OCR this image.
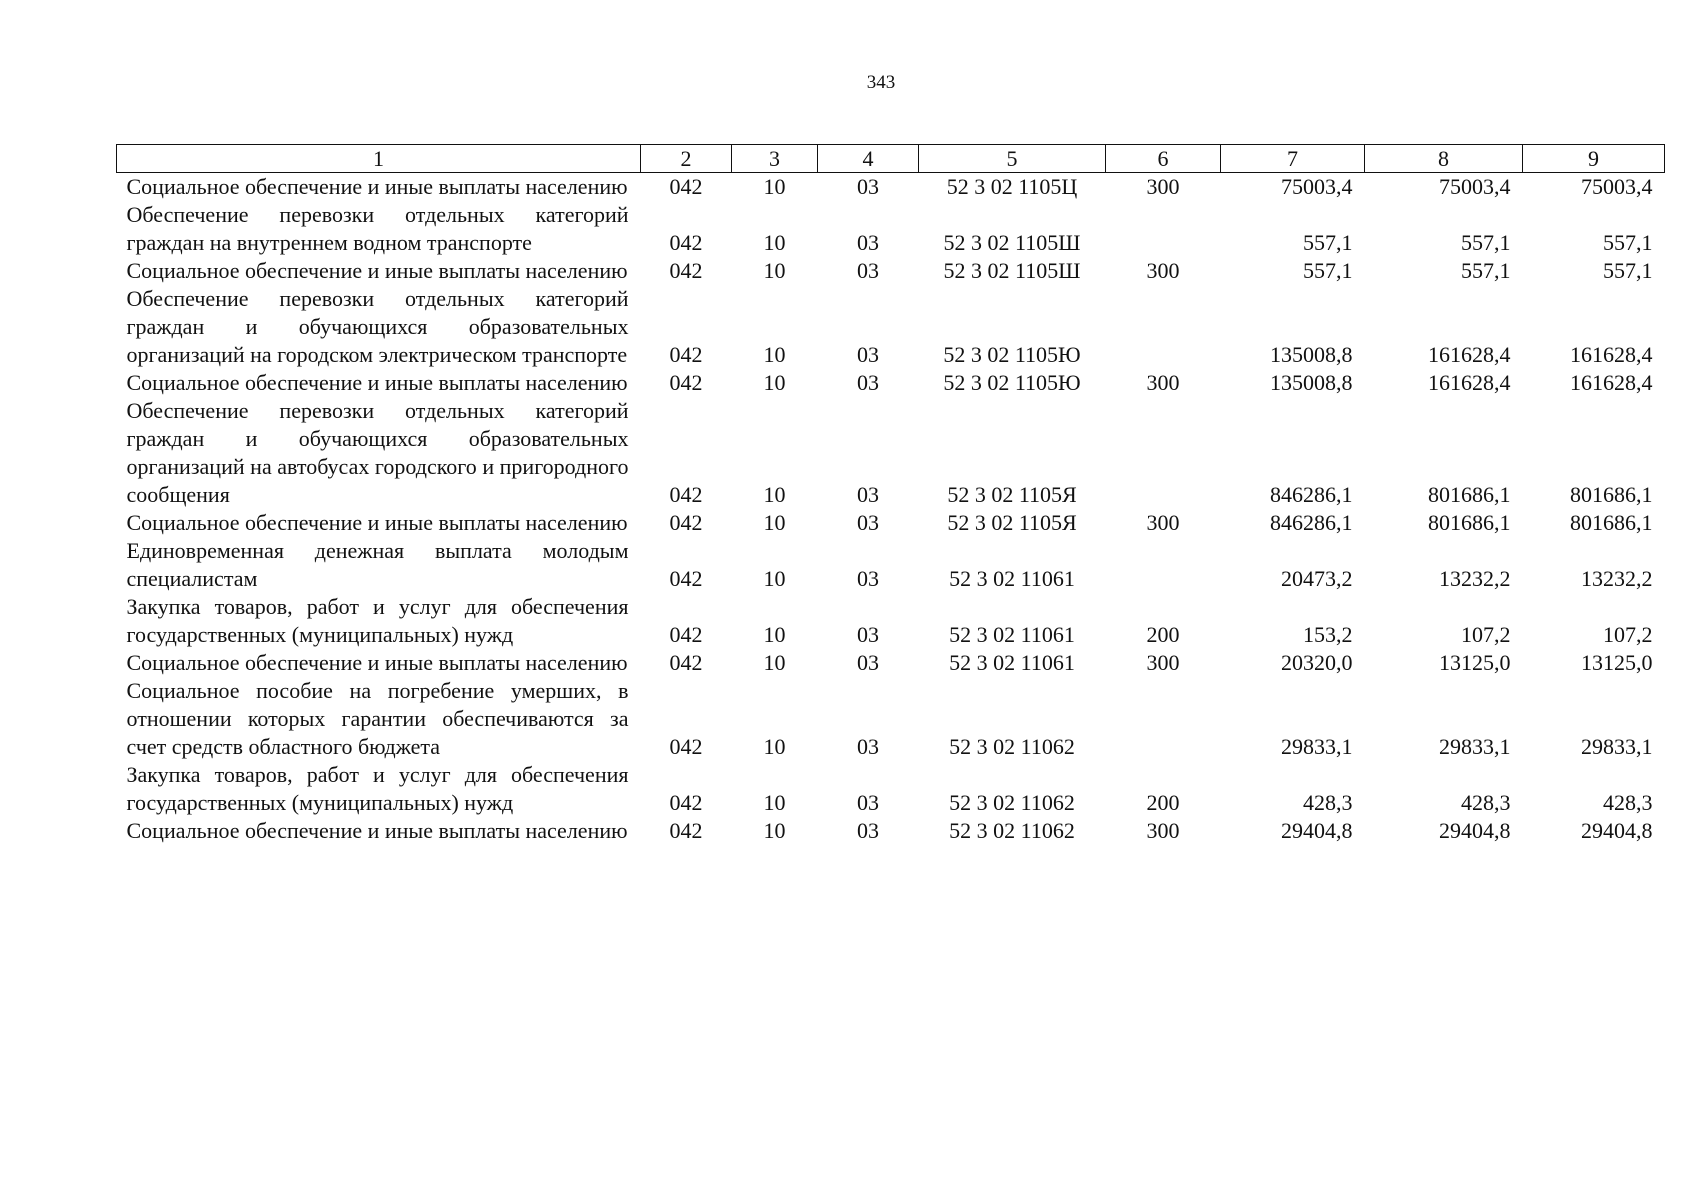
343
1	2	3	4	5	6	7	8	9
Социальное обеспечение и иные выплаты населению	042	10	03	52 3 02 1105Ц	300	75003,4	75003,4	75003,4
Обеспечение перевозки отдельных категорий граждан на внутреннем водном транспорте	042	10	03	52 3 02 1105Ш		557,1	557,1	557,1
Социальное обеспечение и иные выплаты населению	042	10	03	52 3 02 1105Ш	300	557,1	557,1	557,1
Обеспечение перевозки отдельных категорий граждан и обучающихся образовательных организаций на городском электрическом транспорте	042	10	03	52 3 02 1105Ю		135008,8	161628,4	161628,4
Социальное обеспечение и иные выплаты населению	042	10	03	52 3 02 1105Ю	300	135008,8	161628,4	161628,4
Обеспечение перевозки отдельных категорий граждан и обучающихся образовательных организаций на автобусах городского и пригородного сообщения	042	10	03	52 3 02 1105Я		846286,1	801686,1	801686,1
Социальное обеспечение и иные выплаты населению	042	10	03	52 3 02 1105Я	300	846286,1	801686,1	801686,1
Единовременная денежная выплата молодым специалистам	042	10	03	52 3 02 11061		20473,2	13232,2	13232,2
Закупка товаров, работ и услуг для обеспечения государственных (муниципальных) нужд	042	10	03	52 3 02 11061	200	153,2	107,2	107,2
Социальное обеспечение и иные выплаты населению	042	10	03	52 3 02 11061	300	20320,0	13125,0	13125,0
Социальное пособие на погребение умерших, в отношении которых гарантии обеспечиваются за счет средств областного бюджета	042	10	03	52 3 02 11062		29833,1	29833,1	29833,1
Закупка товаров, работ и услуг для обеспечения государственных (муниципальных) нужд	042	10	03	52 3 02 11062	200	428,3	428,3	428,3
Социальное обеспечение и иные выплаты населению	042	10	03	52 3 02 11062	300	29404,8	29404,8	29404,8
